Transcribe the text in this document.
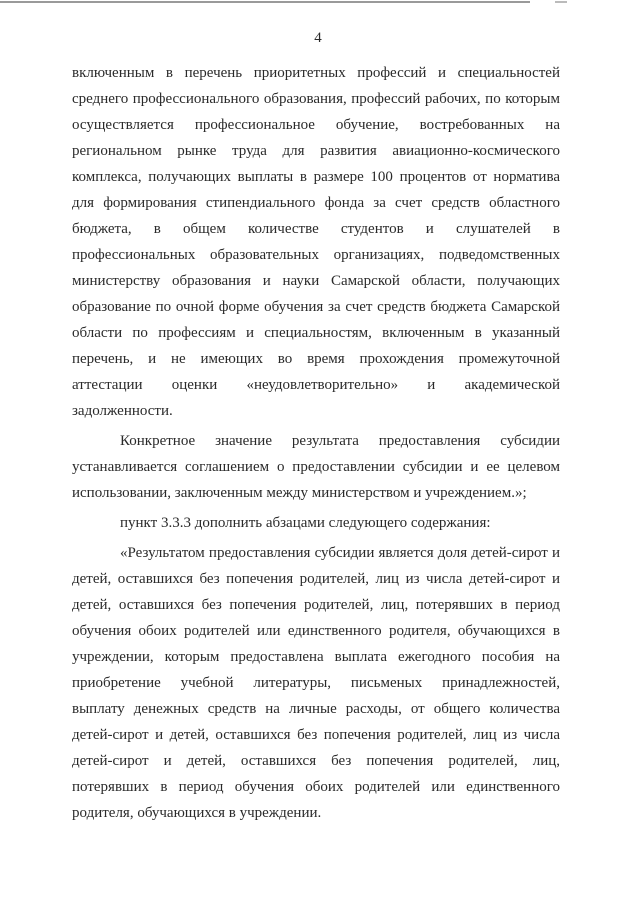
4
включенным в перечень приоритетных профессий и специальностей
среднего профессионального образования, профессий рабочих, по которым
осуществляется профессиональное обучение, востребованных на
региональном рынке труда для развития авиационно-космического
комплекса, получающих выплаты в размере 100 процентов от норматива
для формирования стипендиального фонда за счет средств областного
бюджета, в общем количестве студентов и слушателей в
профессиональных образовательных организациях, подведомственных
министерству образования и науки Самарской области, получающих
образование по очной форме обучения за счет средств бюджета Самарской
области по профессиям и специальностям, включенным в указанный
перечень, и не имеющих во время прохождения промежуточной
аттестации оценки «неудовлетворительно» и академической
задолженности.
Конкретное значение результата предоставления субсидии
устанавливается соглашением о предоставлении субсидии и ее целевом
использовании, заключенным между министерством и учреждением.»;
пункт 3.3.3 дополнить абзацами следующего содержания:
«Результатом предоставления субсидии является доля детей-сирот и
детей, оставшихся без попечения родителей, лиц из числа детей-сирот и
детей, оставшихся без попечения родителей, лиц, потерявших в период
обучения обоих родителей или единственного родителя, обучающихся в
учреждении, которым предоставлена выплата ежегодного пособия на
приобретение учебной литературы, письменых принадлежностей,
выплату денежных средств на личные расходы, от общего количества
детей-сирот и детей, оставшихся без попечения родителей, лиц из числа
детей-сирот и детей, оставшихся без попечения родителей, лиц,
потерявших в период обучения обоих родителей или единственного
родителя, обучающихся в учреждении.
